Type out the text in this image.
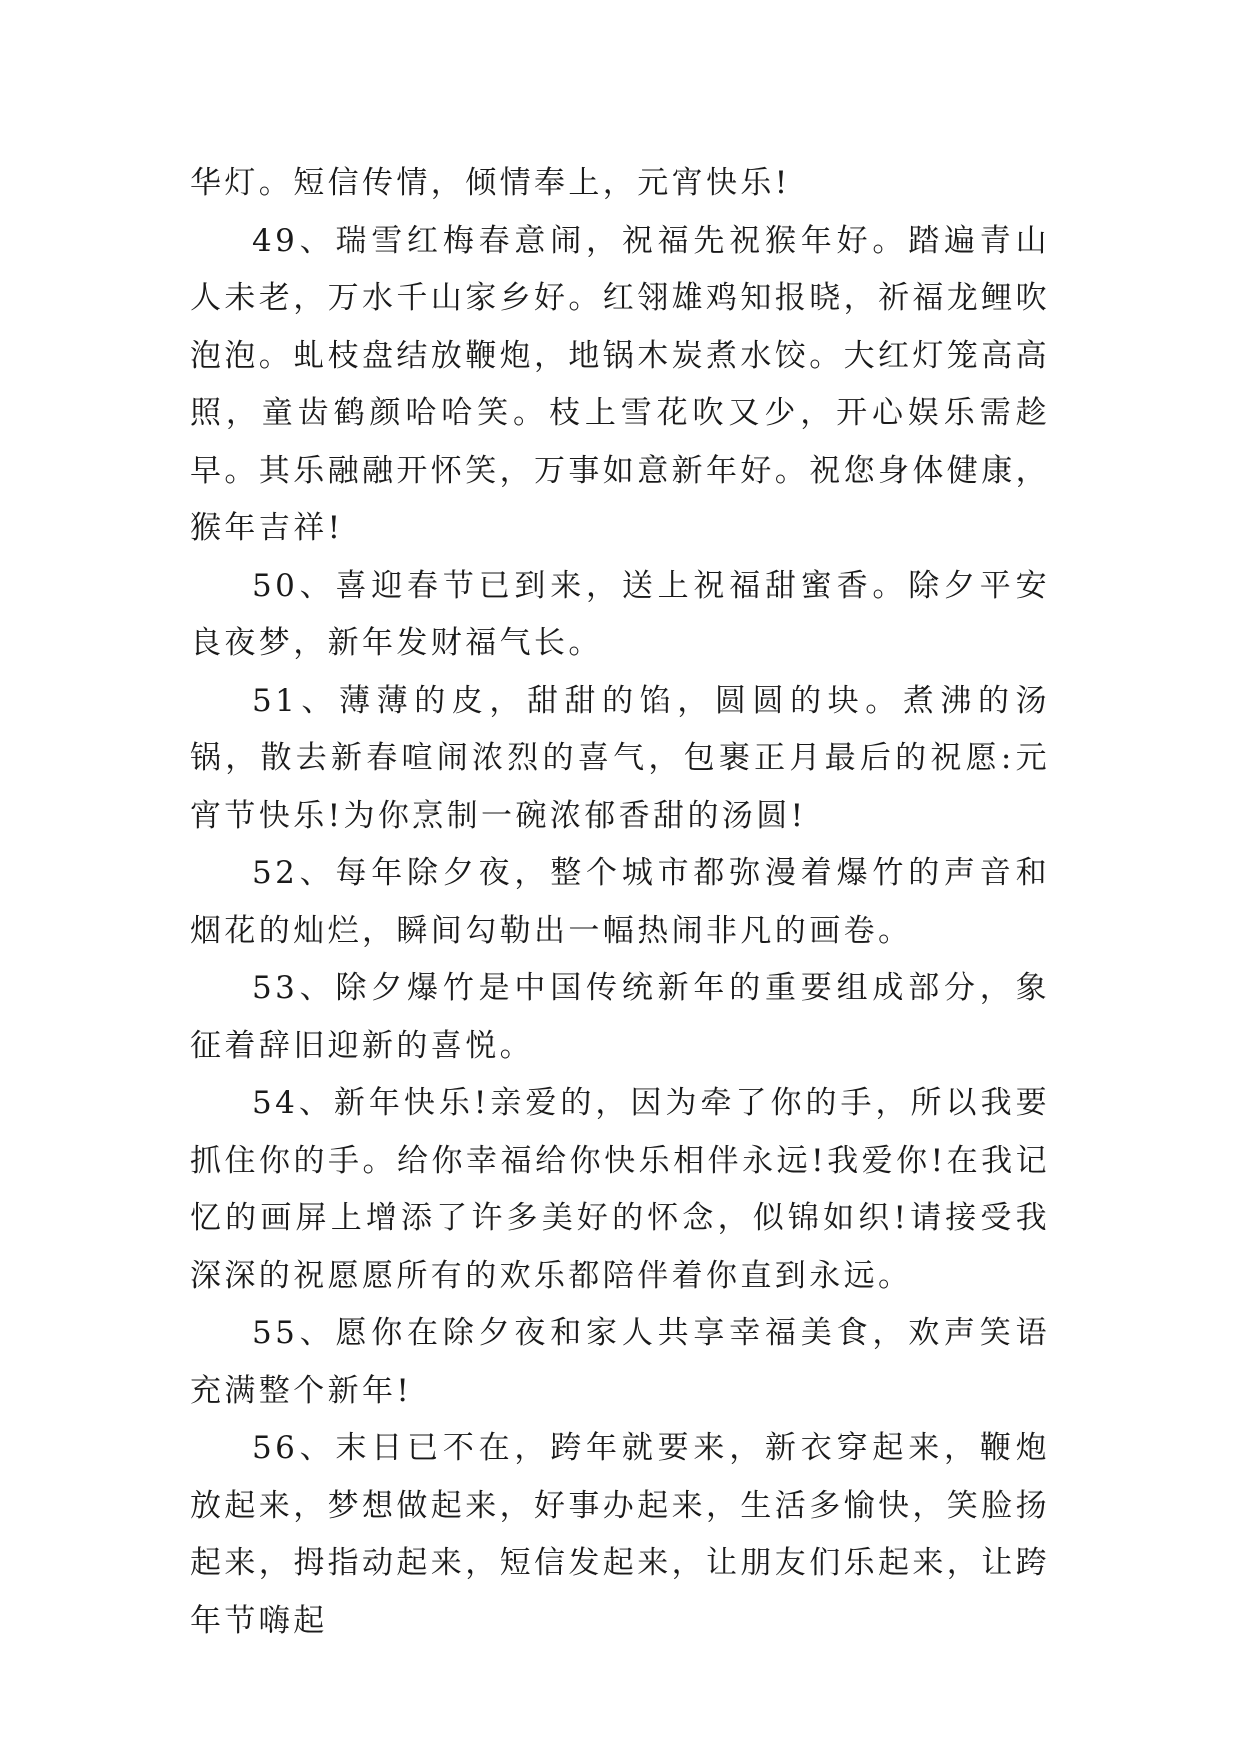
华灯。短信传情，倾情奉上，元宵快乐!

49、瑞雪红梅春意闹，祝福先祝猴年好。踏遍青山人未老，万水千山家乡好。红翎雄鸡知报晓，祈福龙鲤吹泡泡。虬枝盘结放鞭炮，地锅木炭煮水饺。大红灯笼高高照，童齿鹤颜哈哈笑。枝上雪花吹又少，开心娱乐需趁早。其乐融融开怀笑，万事如意新年好。祝您身体健康，猴年吉祥!

50、喜迎春节已到来，送上祝福甜蜜香。除夕平安良夜梦，新年发财福气长。

51、薄薄的皮，甜甜的馅，圆圆的块。煮沸的汤锅，散去新春喧闹浓烈的喜气，包裹正月最后的祝愿:元宵节快乐!为你烹制一碗浓郁香甜的汤圆!

52、每年除夕夜，整个城市都弥漫着爆竹的声音和烟花的灿烂，瞬间勾勒出一幅热闹非凡的画卷。

53、除夕爆竹是中国传统新年的重要组成部分，象征着辞旧迎新的喜悦。

54、新年快乐!亲爱的，因为牵了你的手，所以我要抓住你的手。给你幸福给你快乐相伴永远!我爱你!在我记忆的画屏上增添了许多美好的怀念，似锦如织!请接受我深深的祝愿愿所有的欢乐都陪伴着你直到永远。

55、愿你在除夕夜和家人共享幸福美食，欢声笑语充满整个新年!

56、末日已不在，跨年就要来，新衣穿起来，鞭炮放起来，梦想做起来，好事办起来，生活多愉快，笑脸扬起来，拇指动起来，短信发起来，让朋友们乐起来，让跨年节嗨起
